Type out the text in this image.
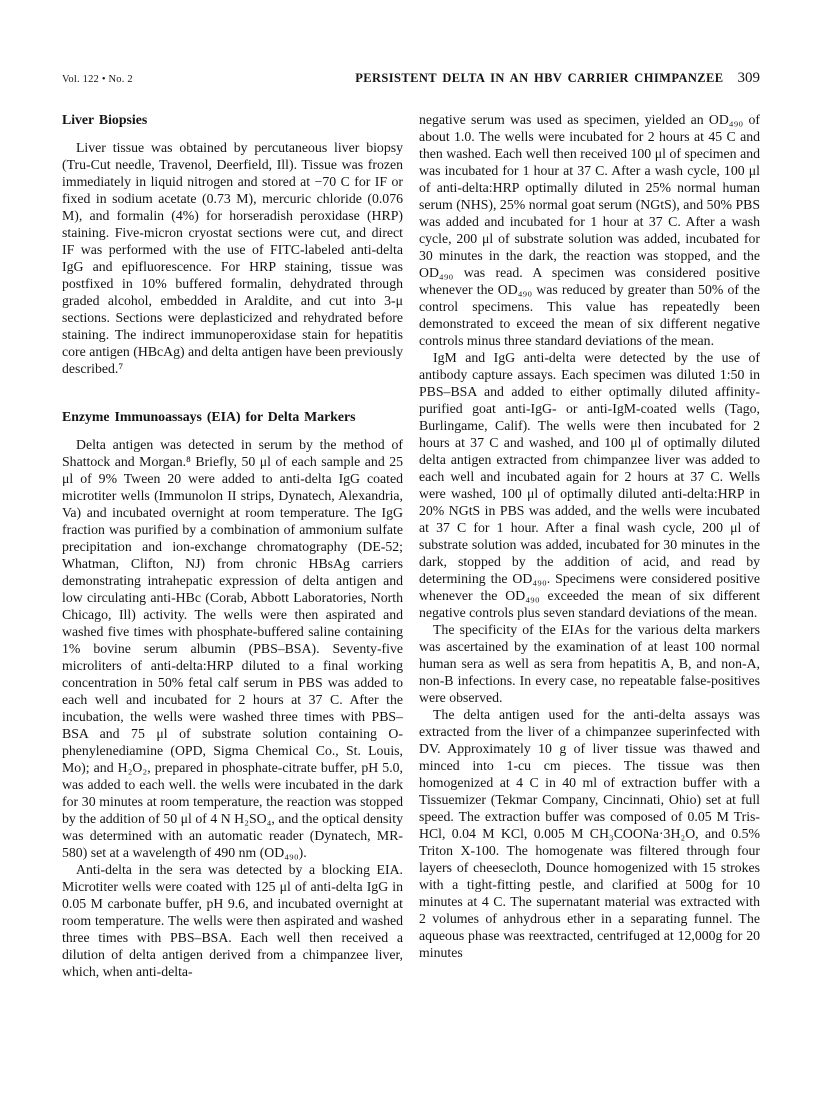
Vol. 122 • No. 2	PERSISTENT DELTA IN AN HBV CARRIER CHIMPANZEE 309
Liver Biopsies

Liver tissue was obtained by percutaneous liver biopsy (Tru-Cut needle, Travenol, Deerfield, Ill). Tissue was frozen immediately in liquid nitrogen and stored at −70 C for IF or fixed in sodium acetate (0.73 M), mercuric chloride (0.076 M), and formalin (4%) for horseradish peroxidase (HRP) staining. Five-micron cryostat sections were cut, and direct IF was performed with the use of FITC-labeled anti-delta IgG and epifluorescence. For HRP staining, tissue was postfixed in 10% buffered formalin, dehydrated through graded alcohol, embedded in Araldite, and cut into 3-μ sections. Sections were deplasticized and rehydrated before staining. The indirect immunoperoxidase stain for hepatitis core antigen (HBcAg) and delta antigen have been previously described.⁷

Enzyme Immunoassays (EIA) for Delta Markers

Delta antigen was detected in serum by the method of Shattock and Morgan.⁸ Briefly, 50 μl of each sample and 25 μl of 9% Tween 20 were added to anti-delta IgG coated microtiter wells (Immunolon II strips, Dynatech, Alexandria, Va) and incubated overnight at room temperature. The IgG fraction was purified by a combination of ammonium sulfate precipitation and ion-exchange chromatography (DE-52; Whatman, Clifton, NJ) from chronic HBsAg carriers demonstrating intrahepatic expression of delta antigen and low circulating anti-HBc (Corab, Abbott Laboratories, North Chicago, Ill) activity. The wells were then aspirated and washed five times with phosphate-buffered saline containing 1% bovine serum albumin (PBS–BSA). Seventy-five microliters of anti-delta:HRP diluted to a final working concentration in 50% fetal calf serum in PBS was added to each well and incubated for 2 hours at 37 C. After the incubation, the wells were washed three times with PBS–BSA and 75 μl of substrate solution containing O-phenylenediamine (OPD, Sigma Chemical Co., St. Louis, Mo); and H₂O₂, prepared in phosphate-citrate buffer, pH 5.0, was added to each well. the wells were incubated in the dark for 30 minutes at room temperature, the reaction was stopped by the addition of 50 μl of 4 N H₂SO₄, and the optical density was determined with an automatic reader (Dynatech, MR-580) set at a wavelength of 490 nm (OD₄₉₀).

Anti-delta in the sera was detected by a blocking EIA. Microtiter wells were coated with 125 μl of anti-delta IgG in 0.05 M carbonate buffer, pH 9.6, and incubated overnight at room temperature. The wells were then aspirated and washed three times with PBS–BSA. Each well then received a dilution of delta antigen derived from a chimpanzee liver, which, when anti-delta-

negative serum was used as specimen, yielded an OD₄₉₀ of about 1.0. The wells were incubated for 2 hours at 45 C and then washed. Each well then received 100 μl of specimen and was incubated for 1 hour at 37 C. After a wash cycle, 100 μl of anti-delta:HRP optimally diluted in 25% normal human serum (NHS), 25% normal goat serum (NGtS), and 50% PBS was added and incubated for 1 hour at 37 C. After a wash cycle, 200 μl of substrate solution was added, incubated for 30 minutes in the dark, the reaction was stopped, and the OD₄₉₀ was read. A specimen was considered positive whenever the OD₄₉₀ was reduced by greater than 50% of the control specimens. This value has repeatedly been demonstrated to exceed the mean of six different negative controls minus three standard deviations of the mean.

IgM and IgG anti-delta were detected by the use of antibody capture assays. Each specimen was diluted 1:50 in PBS–BSA and added to either optimally diluted affinity-purified goat anti-IgG- or anti-IgM-coated wells (Tago, Burlingame, Calif). The wells were then incubated for 2 hours at 37 C and washed, and 100 μl of optimally diluted delta antigen extracted from chimpanzee liver was added to each well and incubated again for 2 hours at 37 C. Wells were washed, 100 μl of optimally diluted anti-delta:HRP in 20% NGtS in PBS was added, and the wells were incubated at 37 C for 1 hour. After a final wash cycle, 200 μl of substrate solution was added, incubated for 30 minutes in the dark, stopped by the addition of acid, and read by determining the OD₄₉₀. Specimens were considered positive whenever the OD₄₉₀ exceeded the mean of six different negative controls plus seven standard deviations of the mean.

The specificity of the EIAs for the various delta markers was ascertained by the examination of at least 100 normal human sera as well as sera from hepatitis A, B, and non-A, non-B infections. In every case, no repeatable false-positives were observed.

The delta antigen used for the anti-delta assays was extracted from the liver of a chimpanzee superinfected with DV. Approximately 10 g of liver tissue was thawed and minced into 1-cu cm pieces. The tissue was then homogenized at 4 C in 40 ml of extraction buffer with a Tissuemizer (Tekmar Company, Cincinnati, Ohio) set at full speed. The extraction buffer was composed of 0.05 M Tris-HCl, 0.04 M KCl, 0.005 M CH₃COONa·3H₂O, and 0.5% Triton X-100. The homogenate was filtered through four layers of cheesecloth, Dounce homogenized with 15 strokes with a tight-fitting pestle, and clarified at 500g for 10 minutes at 4 C. The supernatant material was extracted with 2 volumes of anhydrous ether in a separating funnel. The aqueous phase was reextracted, centrifuged at 12,000g for 20 minutes
